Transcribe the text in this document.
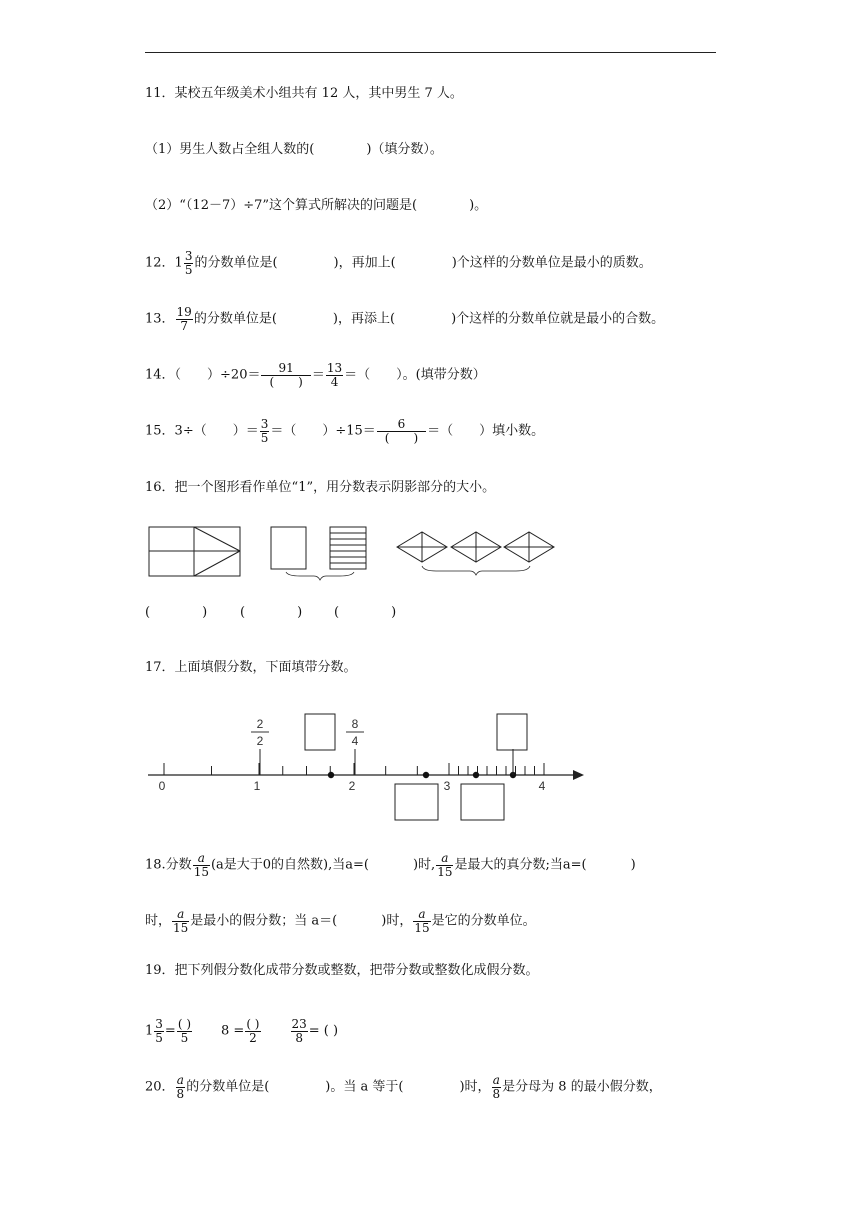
11．某校五年级美术小组共有 12 人，其中男生 7 人。
（1）男生人数占全组人数的(　　　　)（填分数）。
（2）“（12－7）÷7”这个算式所解决的问题是(　　　　)。
12．$1 \frac{3}{5}$ 的分数单位是(	)，再加上(	)个这样的分数单位是最小的质数。
13． $\frac{19}{7}$ 的分数单位是(	)，再添上(	)个这样的分数单位就是最小的合数。
14．（　　）$\div 20= \frac{91}{( )} = \frac{13}{4}$ ＝（　　）。(填带分数）
15．3÷（　　）＝ $\frac{3}{5}$ ＝（　　）$\div 15= \frac{6}{( )}$ ＝（　　）填小数。
16．把一个图形看作单位“1”，用分数表示阴影部分的大小。
(　　　　)	(　　　　) (　　　　)
17．上面填假分数，下面填带分数。
0	1	2	3	4
2
2
8
4
18.分数 $\frac{a}{15} (a$是大于0的自然数),当a=(	)时, $\frac{a}{15}$ 是最大的真分数;当a=(	)
时， $\frac{a}{15}$ 是最小的假分数；当 a＝(	)时， $\frac{a}{15}$ 是它的分数单位。
19．把下列假分数化成带分数或整数，把带分数或整数化成假分数。
$1 \frac{3}{5} = \frac{( )}{5} 8 = \frac{( )}{2}$	$\frac{23}{8}$ = ( )
20． $\frac{a}{8}$ 的分数单位是(	)。当 a 等于(	)时， $\frac{a}{8}$ 是分母为 8 的最小假分数，
